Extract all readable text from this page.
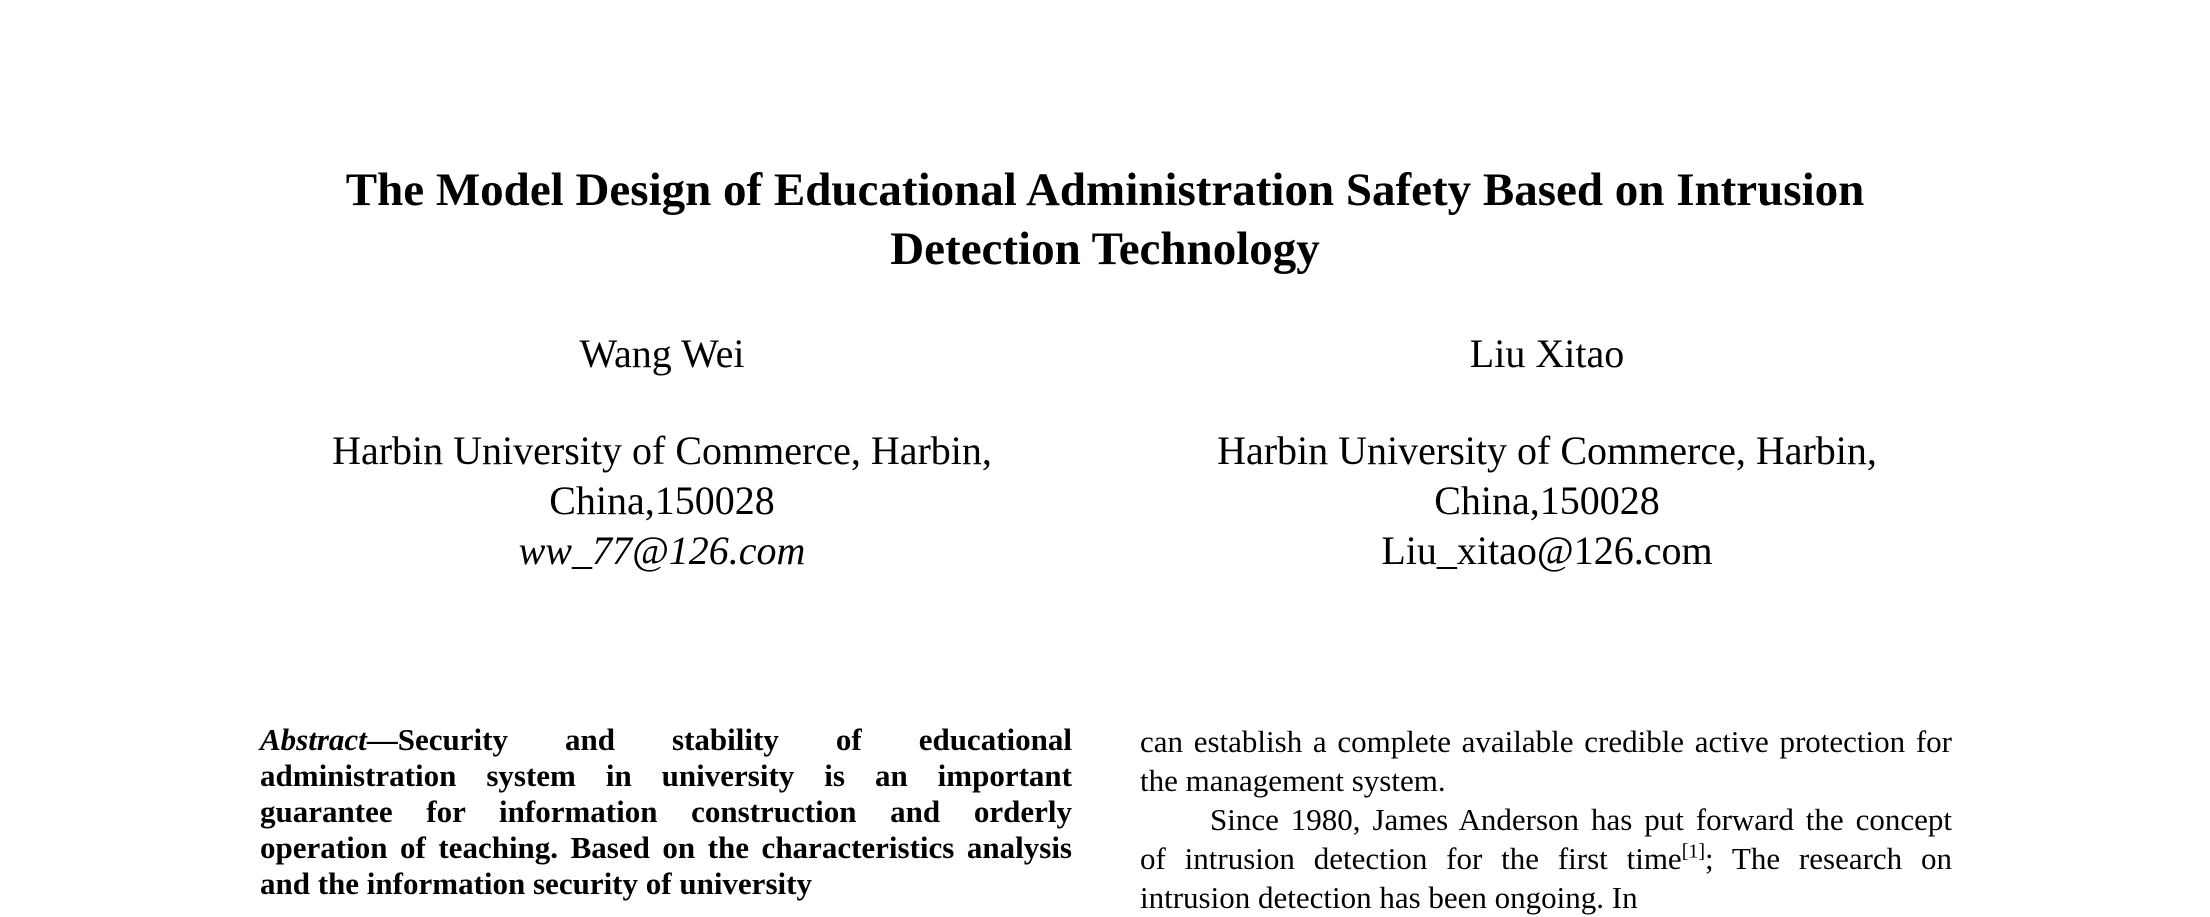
The Model Design of Educational Administration Safety Based on Intrusion
Detection Technology
Wang Wei
Harbin University of Commerce, Harbin,
China,150028
ww_77@126.com
Liu Xitao
Harbin University of Commerce, Harbin,
China,150028
Liu_xitao@126.com

Abstract—Security and stability of educational administration system in university is an important guarantee for information construction and orderly operation of teaching. Based on the characteristics analysis and the information security of university

can establish a complete available credible active protection for the management system.

Since 1980, James Anderson has put forward the concept of intrusion detection for the first time[1]; The research on intrusion detection has been ongoing. In
